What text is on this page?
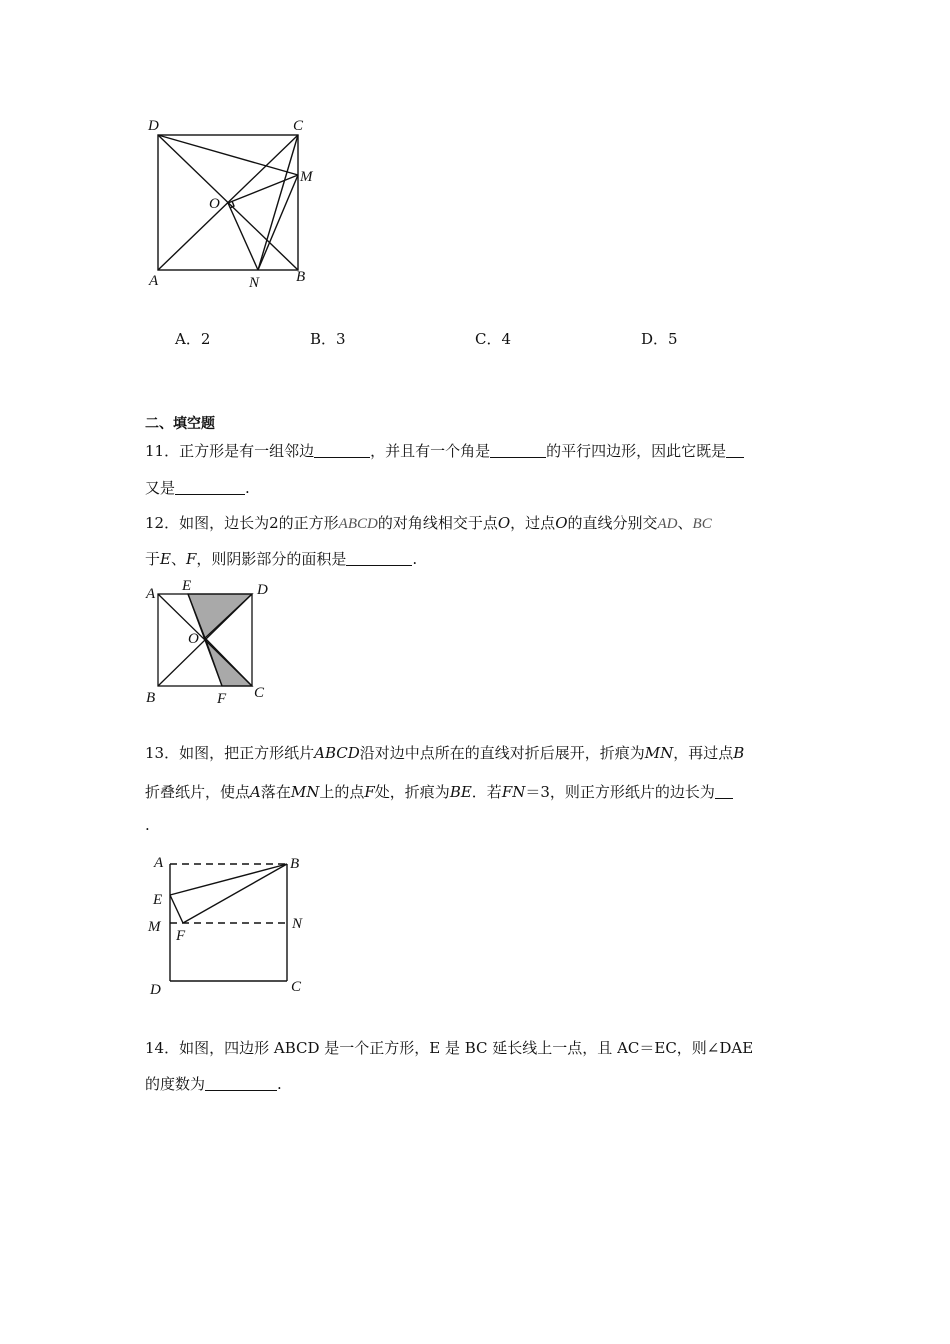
D	C
M
O
A	N B
A．2	B．3	C．4	D．5
二、填空题
11．正方形是有一组邻边	，并且有一个角是	的平行四边形，因此它既是
又是	.
12．如图，边长为2的正方形ABCD的对角线相交于点O，过点O的直线分别交AD、BC
于E、F，则阴影部分的面积是	.
A E	D
O
B	F C
13．如图，把正方形纸片ABCD沿对边中点所在的直线对折后展开，折痕为MN，再过点B
折叠纸片，使点A落在MN上的点F处，折痕为BE．若FN＝3，则正方形纸片的边长为
.
A	B
E
M
F
N
D	C
14．如图，四边形 ABCD 是一个正方形，E 是 BC 延长线上一点，且 AC＝EC，则∠DAE
的度数为	.
